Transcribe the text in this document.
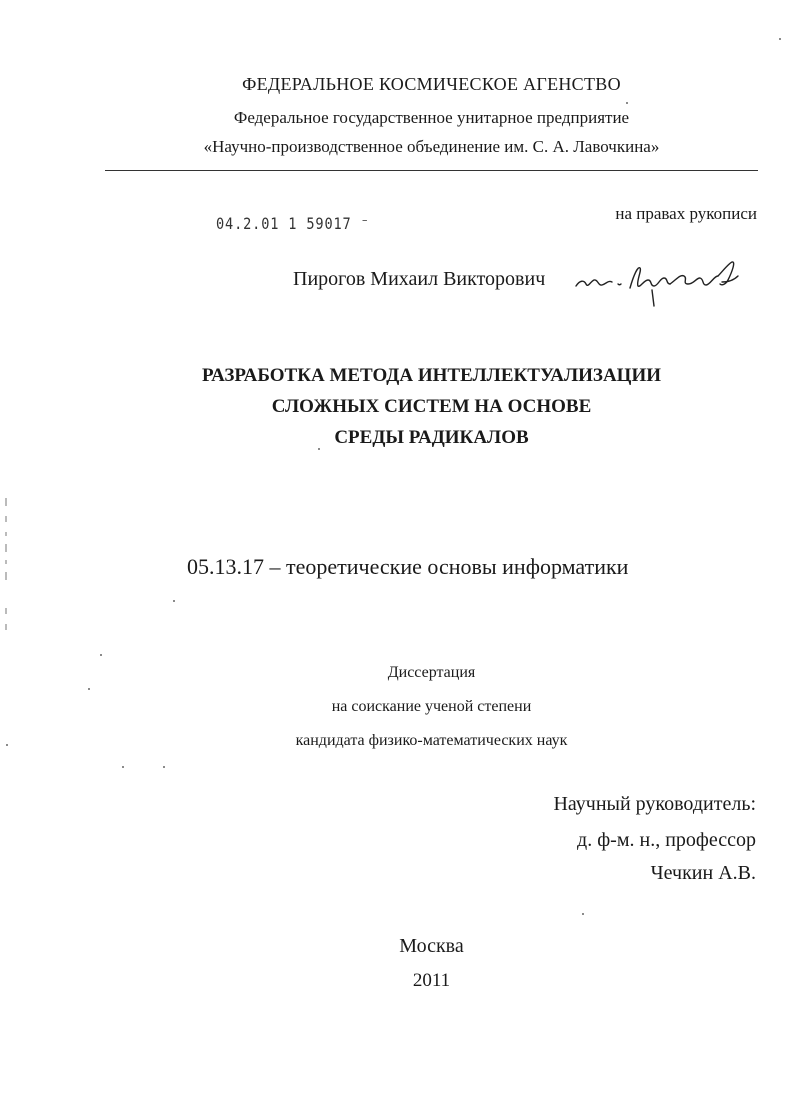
ФЕДЕРАЛЬНОЕ КОСМИЧЕСКОЕ АГЕНСТВО
Федеральное государственное унитарное предприятие
«Научно-производственное объединение им. С. А. Лавочкина»
04.2.01 1 59017 ⁻
на правах рукописи
Пирогов Михаил Викторович
РАЗРАБОТКА МЕТОДА ИНТЕЛЛЕКТУАЛИЗАЦИИ
СЛОЖНЫХ СИСТЕМ НА ОСНОВЕ
СРЕДЫ РАДИКАЛОВ
05.13.17 – теоретические основы информатики
Диссертация
на соискание ученой степени
кандидата физико-математических наук
Научный руководитель:
д. ф-м. н., профессор
Чечкин А.В.
Москва
2011
